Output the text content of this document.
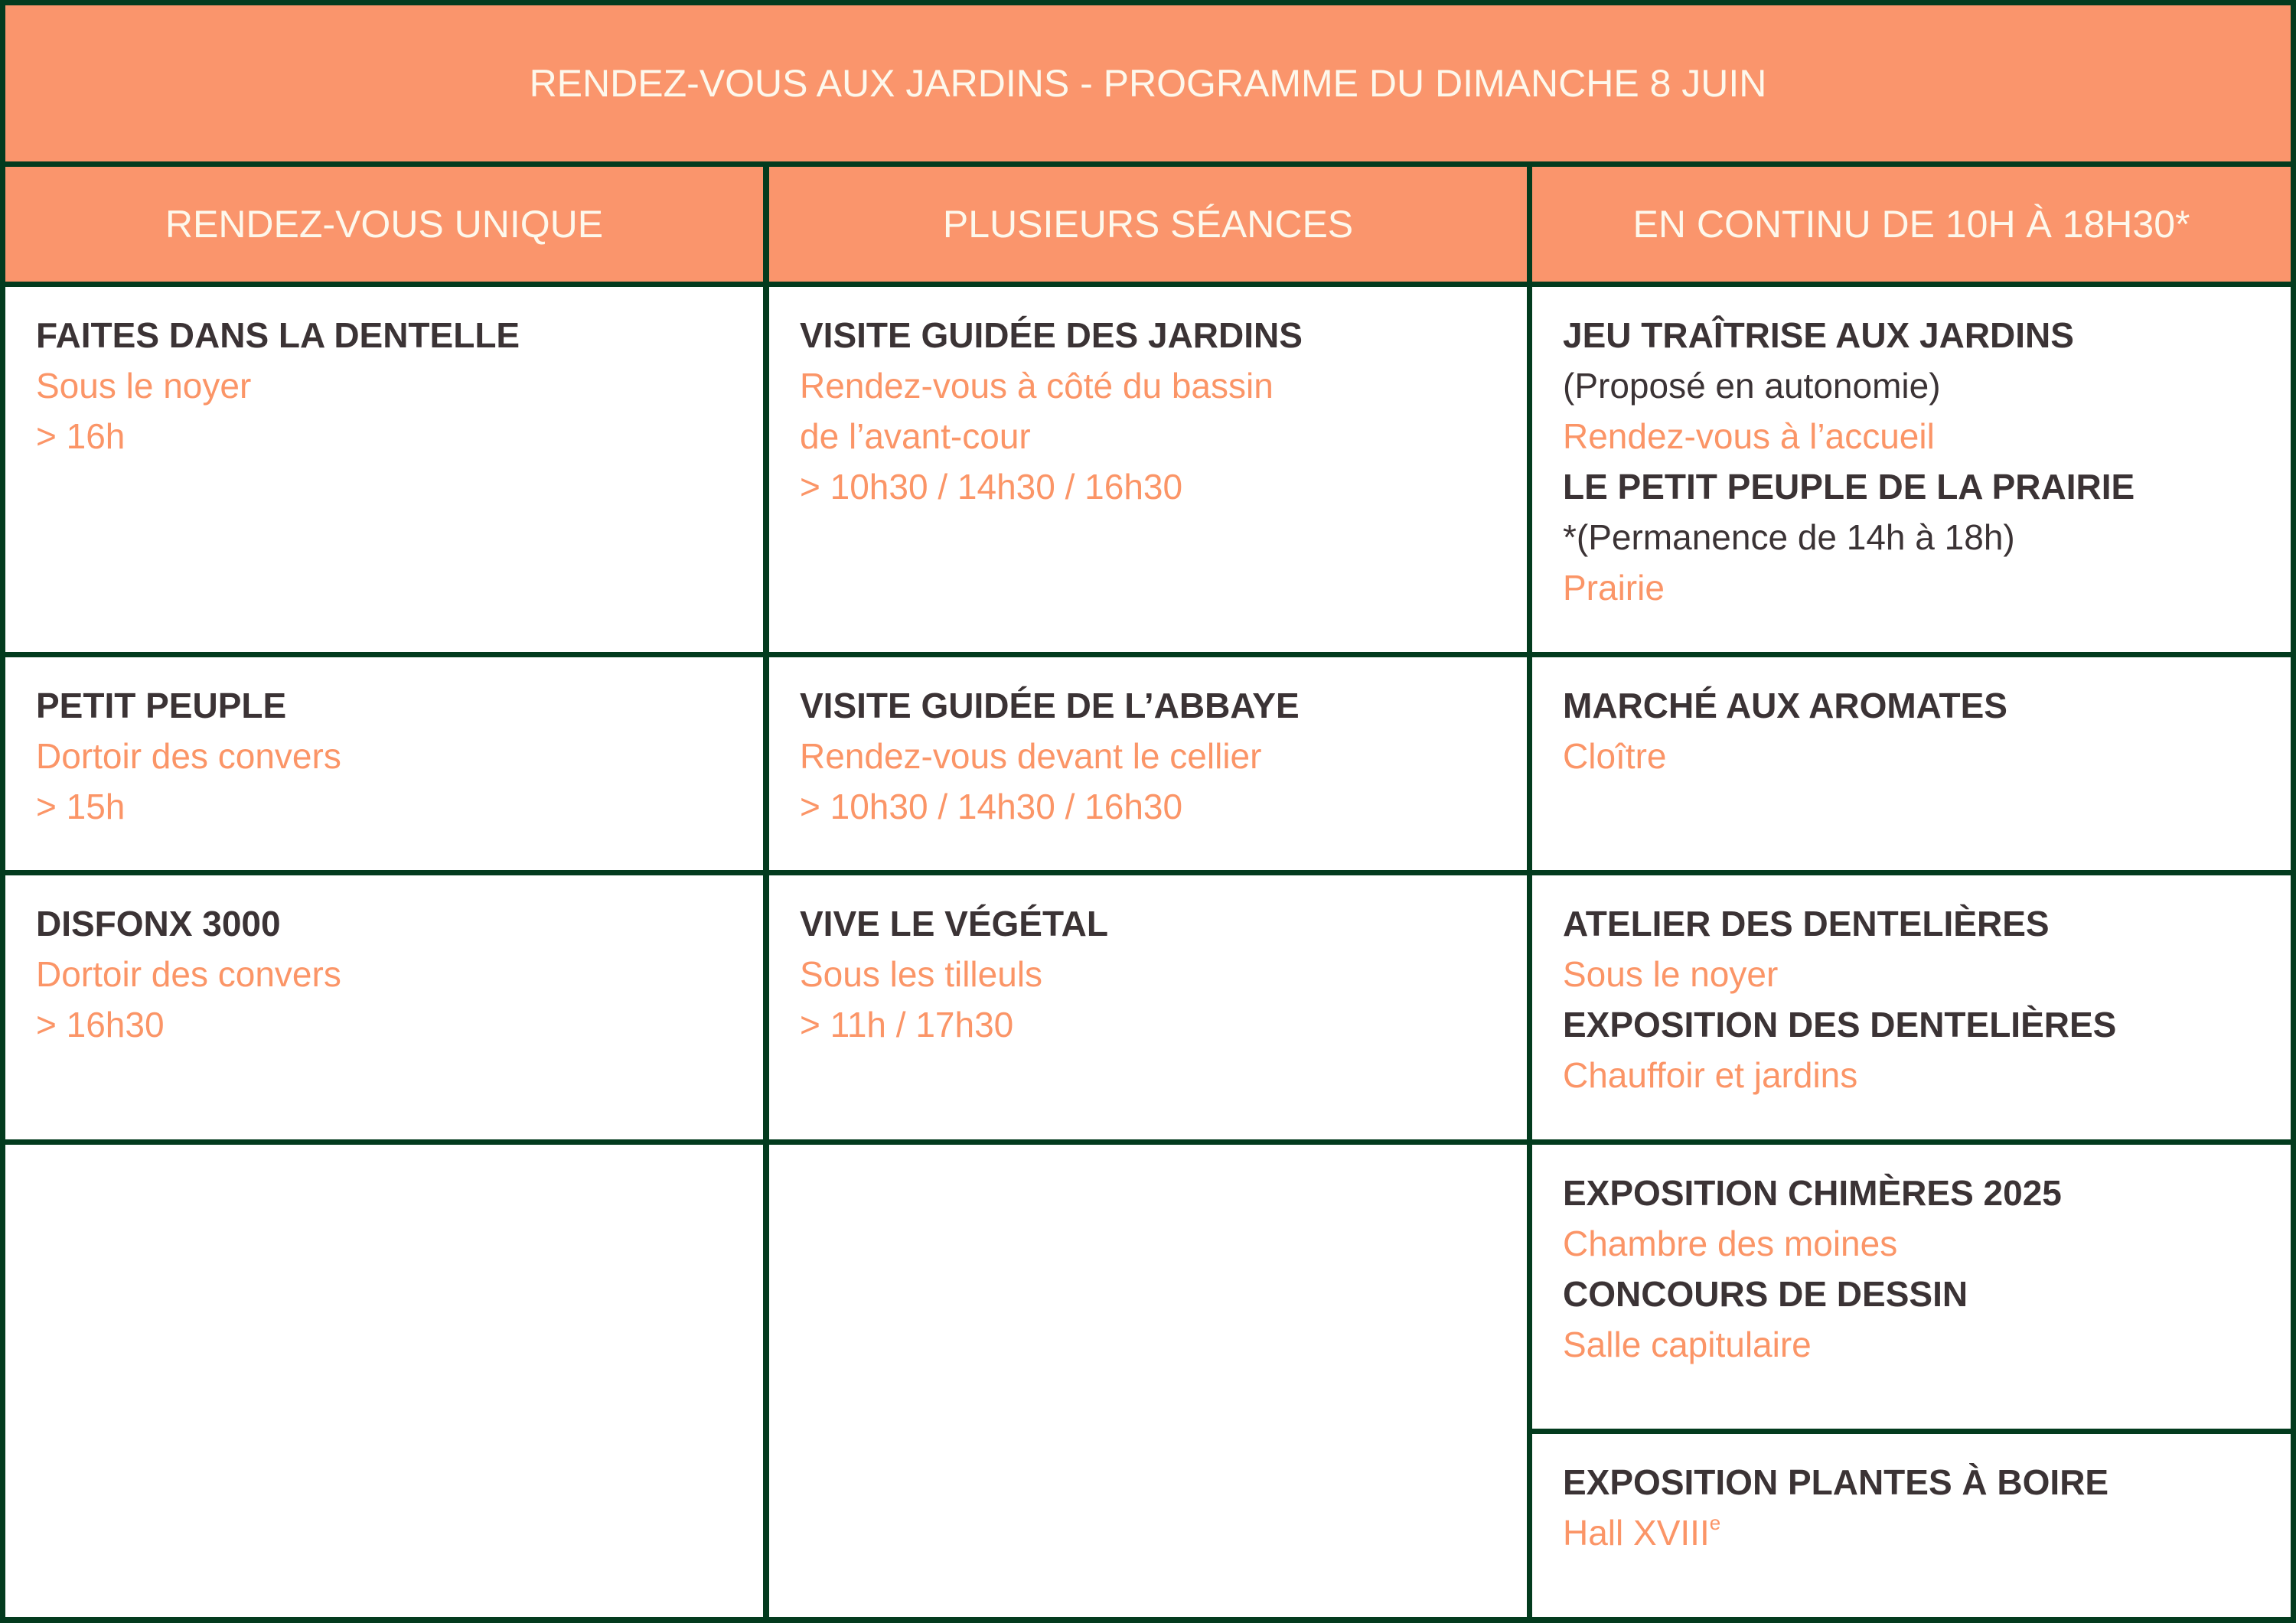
RENDEZ-VOUS AUX JARDINS - PROGRAMME DU DIMANCHE 8 JUIN
RENDEZ-VOUS UNIQUE	PLUSIEURS SÉANCES	EN CONTINU DE 10H À 18H30*
FAITES DANS LA DENTELLE
Sous le noyer
> 16h
PETIT PEUPLE
Dortoir des convers
> 15h
DISFONX 3000
Dortoir des convers
> 16h30
VISITE GUIDÉE DES JARDINS
Rendez-vous à côté du bassin
de l’avant-cour
> 10h30 / 14h30 / 16h30
VISITE GUIDÉE DE L’ABBAYE
Rendez-vous devant le cellier
> 10h30 / 14h30 / 16h30
VIVE LE VÉGÉTAL
Sous les tilleuls
> 11h / 17h30
JEU TRAÎTRISE AUX JARDINS
(Proposé en autonomie)
Rendez-vous à l’accueil
LE PETIT PEUPLE DE LA PRAIRIE
*(Permanence de 14h à 18h)
Prairie
MARCHÉ AUX AROMATES
Cloître
ATELIER DES DENTELIÈRES
Sous le noyer
EXPOSITION DES DENTELIÈRES
Chauffoir et jardins
EXPOSITION CHIMÈRES 2025
Chambre des moines
CONCOURS DE DESSIN
Salle capitulaire
EXPOSITION PLANTES À BOIRE
Hall XVIIIe
